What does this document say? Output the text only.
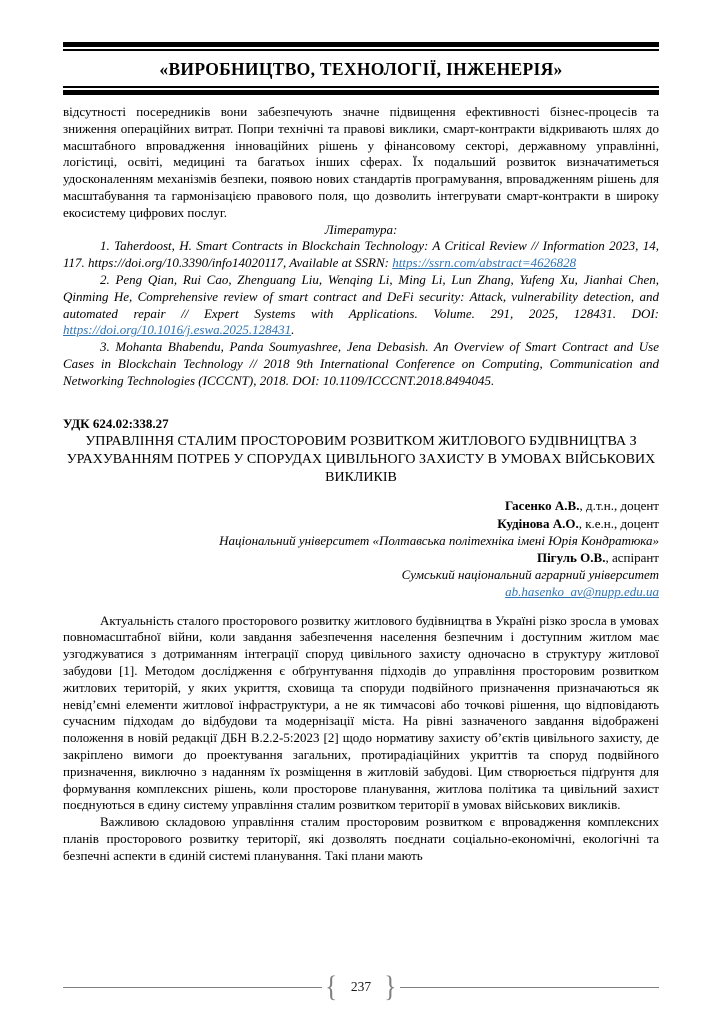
«ВИРОБНИЦТВО, ТЕХНОЛОГІЇ, ІНЖЕНЕРІЯ»

відсутності посередників вони забезпечують значне підвищення ефективності бізнес-процесів та зниження операційних витрат. Попри технічні та правові виклики, смарт-контракти відкривають шлях до масштабного впровадження інноваційних рішень у фінансовому секторі, державному управлінні, логістиці, освіті, медицині та багатьох інших сферах. Їх подальший розвиток визначатиметься удосконаленням механізмів безпеки, появою нових стандартів програмування, впровадженням рішень для масштабування та гармонізацією правового поля, що дозволить інтегрувати смарт-контракти в широку екосистему цифрових послуг.

Література:

1. Taherdoost, H. Smart Contracts in Blockchain Technology: A Critical Review // Information 2023, 14, 117. https://doi.org/10.3390/info14020117, Available at SSRN: https://ssrn.com/abstract=4626828

2. Peng Qian, Rui Cao, Zhenguang Liu, Wenqing Li, Ming Li, Lun Zhang, Yufeng Xu, Jianhai Chen, Qinming He, Comprehensive review of smart contract and DeFi security: Attack, vulnerability detection, and automated repair // Expert Systems with Applications. Volume. 291, 2025, 128431. DOI: https://doi.org/10.1016/j.eswa.2025.128431.

3. Mohanta Bhabendu, Panda Soumyashree, Jena Debasish. An Overview of Smart Contract and Use Cases in Blockchain Technology // 2018 9th International Conference on Computing, Communication and Networking Technologies (ICCCNT), 2018. DOI: 10.1109/ICCCNT.2018.8494045.

УДК 624.02:338.27
УПРАВЛІННЯ СТАЛИМ ПРОСТОРОВИМ РОЗВИТКОМ ЖИТЛОВОГО БУДІВНИЦТВА З УРАХУВАННЯМ ПОТРЕБ У СПОРУДАХ ЦИВІЛЬНОГО ЗАХИСТУ В УМОВАХ ВІЙСЬКОВИХ ВИКЛИКІВ
Гасенко А.В., д.т.н., доцент
Кудінова А.О., к.е.н., доцент
Національний університет «Полтавська політехніка імені Юрія Кондратюка»
Пігуль О.В., аспірант
Сумський національний аграрний університет
ab.hasenko_av@nupp.edu.ua

Актуальність сталого просторового розвитку житлового будівництва в Україні різко зросла в умовах повномасштабної війни, коли завдання забезпечення населення безпечним і доступним житлом має узгоджуватися з дотриманням інтеграції споруд цивільного захисту одночасно в структуру житлової забудови [1]. Методом дослідження є обґрунтування підходів до управління просторовим розвитком житлових територій, у яких укриття, сховища та споруди подвійного призначення призначаються як невід’ємні елементи житлової інфраструктури, а не як тимчасові або точкові рішення, що відповідають сучасним підходам до відбудови та модернізації міста. На рівні зазначеного завдання відображені положення в новій редакції ДБН В.2.2-5:2023 [2] щодо нормативу захисту об’єктів цивільного захисту, де закріплено вимоги до проектування загальних, протирадіаційних укриттів та споруд подвійного призначення, виключно з наданням їх розміщення в житловій забудові. Цим створюється підґрунтя для формування комплексних рішень, коли просторове планування, житлова політика та цивільний захист поєднуються в єдину систему управління сталим розвитком території в умовах військових викликів.

Важливою складовою управління сталим просторовим розвитком є впровадження комплексних планів просторового розвитку території, які дозволять поєднати соціально-економічні, екологічні та безпечні аспекти в єдиній системі планування. Такі плани мають

{ 237 }
